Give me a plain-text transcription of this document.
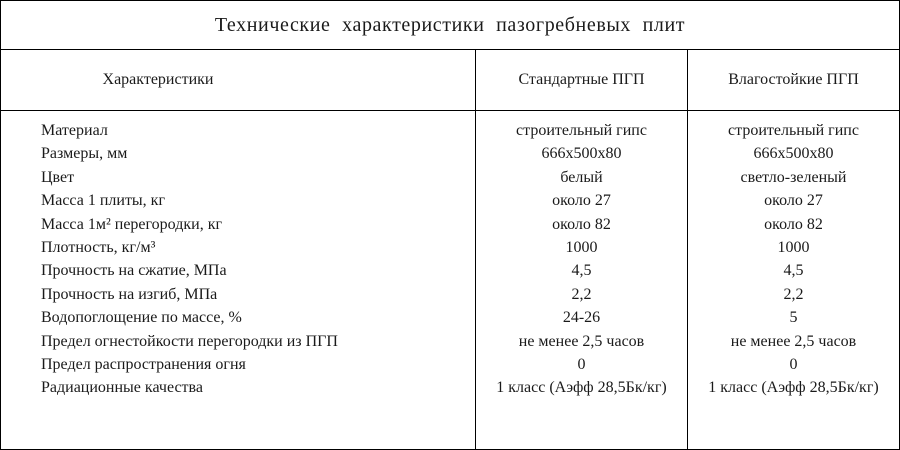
Технические характеристики пазогребневых плит
Характеристики	Стандартные ПГП	Влагостойкие ПГП
Материал	строительный гипс	строительный гипс
Размеры, мм	666х500х80	666х500х80
Цвет	белый	светло-зеленый
Масса 1 плиты, кг	около 27	около 27
Масса 1м² перегородки, кг	около 82	около 82
Плотность, кг/м³	1000	1000
Прочность на сжатие, МПа	4,5	4,5
Прочность на изгиб, МПа	2,2	2,2
Водопоглощение по массе, %	24-26	5
Предел огнестойкости перегородки из ПГП	не менее 2,5 часов	не менее 2,5 часов
Предел распространения огня	0	0
Радиационные качества	1 класс (Аэфф 28,5Бк/кг)	1 класс (Аэфф 28,5Бк/кг)
